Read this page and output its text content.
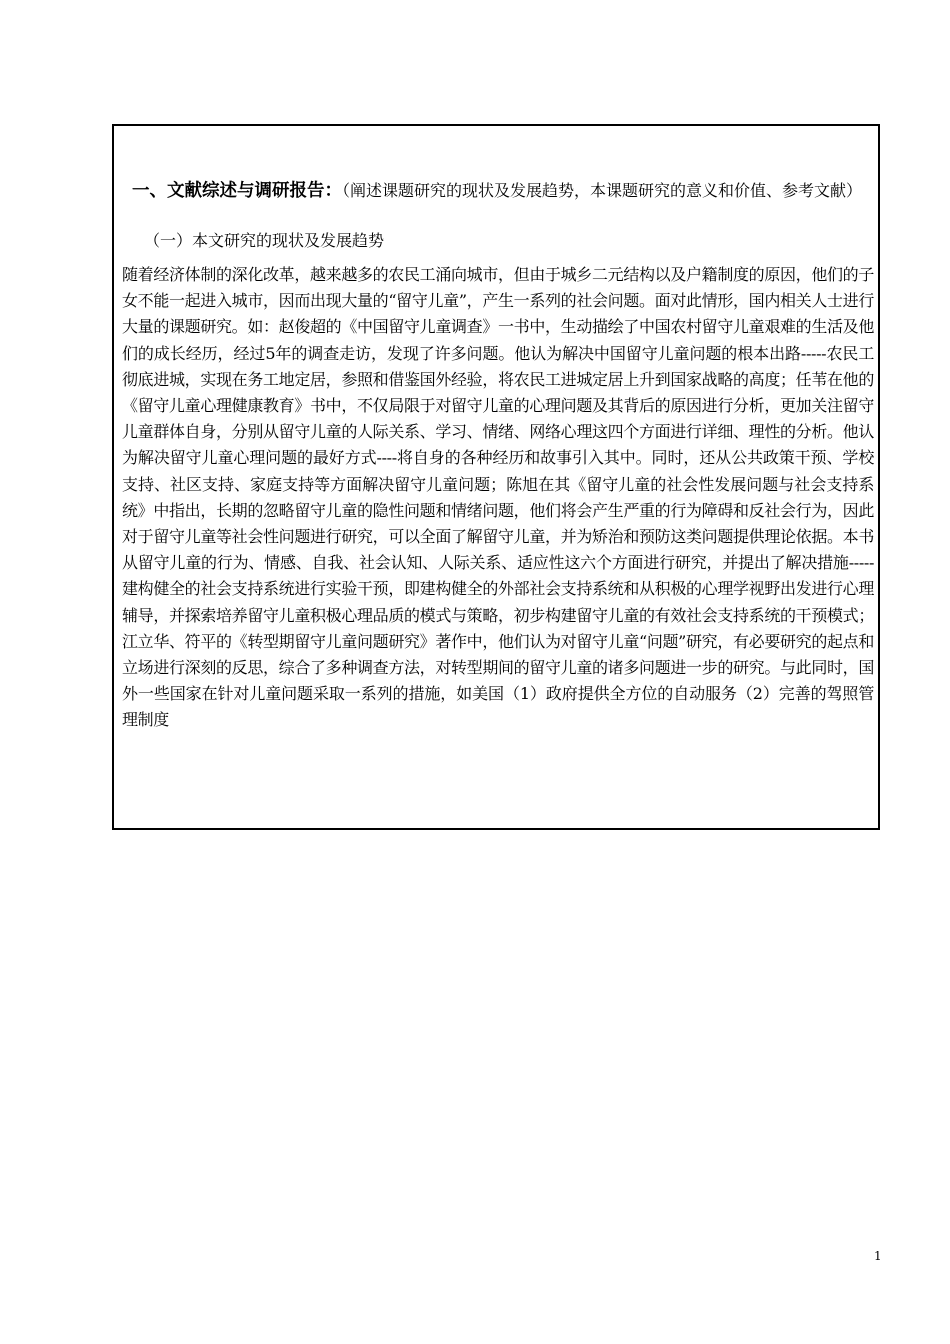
一、文献综述与调研报告：（阐述课题研究的现状及发展趋势，本课题研究的意义和价值、参考文献）
（一）本文研究的现状及发展趋势
随着经济体制的深化改革，越来越多的农民工涌向城市，但由于城乡二元结构以及户籍制度的原因，他们的子女不能一起进入城市，因而出现大量的“留守儿童”，产生一系列的社会问题。面对此情形，国内相关人士进行大量的课题研究。如：赵俊超的《中国留守儿童调查》一书中，生动描绘了中国农村留守儿童艰难的生活及他们的成长经历，经过5年的调查走访，发现了许多问题。他认为解决中国留守儿童问题的根本出路-----农民工彻底进城，实现在务工地定居，参照和借鉴国外经验，将农民工进城定居上升到国家战略的高度；任苇在他的《留守儿童心理健康教育》书中，不仅局限于对留守儿童的心理问题及其背后的原因进行分析，更加关注留守儿童群体自身，分别从留守儿童的人际关系、学习、情绪、网络心理这四个方面进行详细、理性的分析。他认为解决留守儿童心理问题的最好方式----将自身的各种经历和故事引入其中。同时，还从公共政策干预、学校支持、社区支持、家庭支持等方面解决留守儿童问题；陈旭在其《留守儿童的社会性发展问题与社会支持系统》中指出，长期的忽略留守儿童的隐性问题和情绪问题，他们将会产生严重的行为障碍和反社会行为，因此对于留守儿童等社会性问题进行研究，可以全面了解留守儿童，并为矫治和预防这类问题提供理论依据。本书从留守儿童的行为、情感、自我、社会认知、人际关系、适应性这六个方面进行研究，并提出了解决措施-----建构健全的社会支持系统进行实验干预，即建构健全的外部社会支持系统和从积极的心理学视野出发进行心理辅导，并探索培养留守儿童积极心理品质的模式与策略，初步构建留守儿童的有效社会支持系统的干预模式；江立华、符平的《转型期留守儿童问题研究》著作中，他们认为对留守儿童“问题”研究，有必要研究的起点和立场进行深刻的反思，综合了多种调查方法，对转型期间的留守儿童的诸多问题进一步的研究。与此同时，国外一些国家在针对儿童问题采取一系列的措施，如美国（1）政府提供全方位的自动服务（2）完善的驾照管理制度
1
